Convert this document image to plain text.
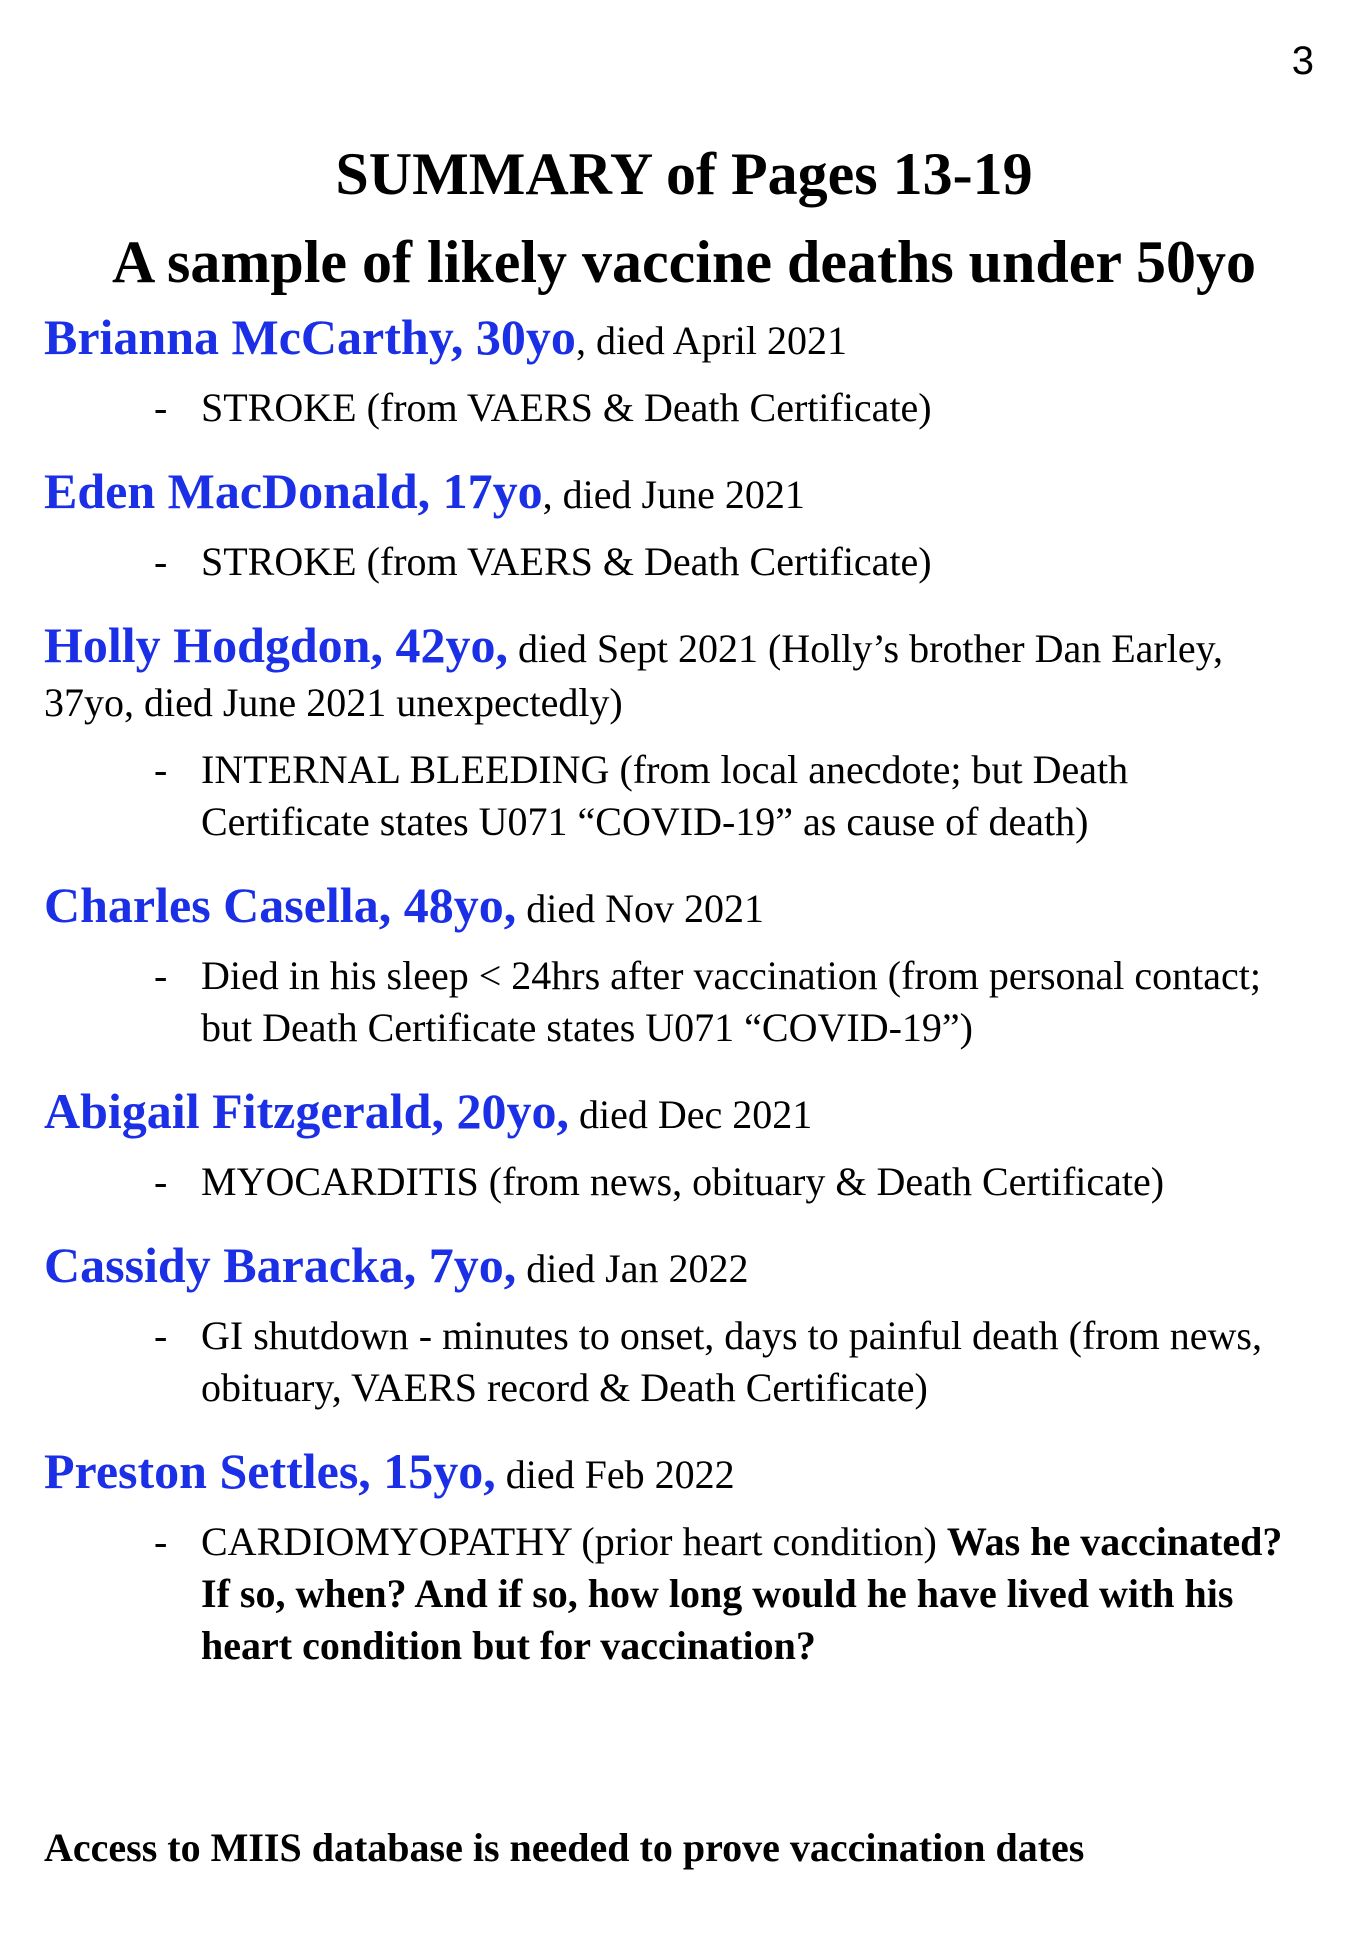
3
SUMMARY of Pages 13-19
A sample of likely vaccine deaths under 50yo

Brianna McCarthy, 30yo, died April 2021

- STROKE (from VAERS & Death Certificate)

Eden MacDonald, 17yo, died June 2021

- STROKE (from VAERS & Death Certificate)

Holly Hodgdon, 42yo, died Sept 2021 (Holly’s brother Dan Earley,
37yo, died June 2021 unexpectedly)

- INTERNAL BLEEDING (from local anecdote; but Death Certificate states U071 “COVID-19” as cause of death)

Charles Casella, 48yo, died Nov 2021

- Died in his sleep < 24hrs after vaccination (from personal contact; but Death Certificate states U071 “COVID-19”)

Abigail Fitzgerald, 20yo, died Dec 2021

- MYOCARDITIS (from news, obituary & Death Certificate)

Cassidy Baracka, 7yo, died Jan 2022

- GI shutdown - minutes to onset, days to painful death (from news, obituary, VAERS record & Death Certificate)

Preston Settles, 15yo, died Feb 2022

- CARDIOMYOPATHY (prior heart condition) Was he vaccinated? If so, when? And if so, how long would he have lived with his heart condition but for vaccination?

Access to MIIS database is needed to prove vaccination dates
